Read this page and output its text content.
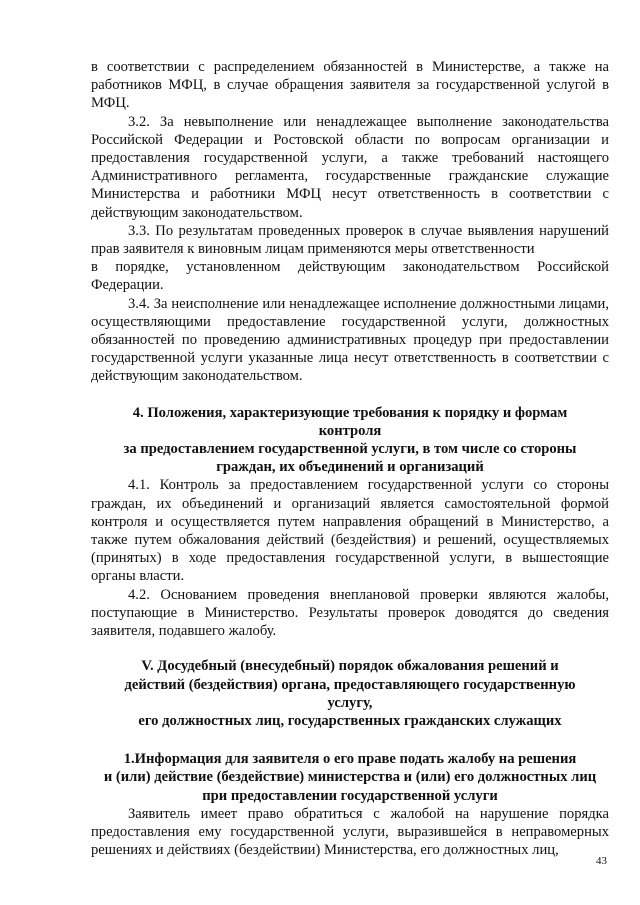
в соответствии с распределением обязанностей в Министерстве, а также на работников МФЦ, в случае обращения заявителя за государственной услугой в МФЦ.

3.2. За невыполнение или ненадлежащее выполнение законодательства Российской Федерации и Ростовской области по вопросам организации и предоставления государственной услуги, а также требований настоящего Административного регламента, государственные гражданские служащие Министерства и работники МФЦ несут ответственность в соответствии с действующим законодательством.

3.3. По результатам проведенных проверок в случае выявления нарушений прав заявителя к виновным лицам применяются меры ответственности

в порядке, установленном действующим законодательством Российской Федерации.

3.4. За неисполнение или ненадлежащее исполнение должностными лицами, осуществляющими предоставление государственной услуги, должностных обязанностей по проведению административных процедур при предоставлении государственной услуги указанные лица несут ответственность в соответствии с действующим законодательством.

4. Положения, характеризующие требования к порядку и формам
контроля
за предоставлением государственной услуги, в том числе со стороны
граждан, их объединений и организаций

4.1. Контроль за предоставлением государственной услуги со стороны граждан, их объединений и организаций является самостоятельной формой контроля и осуществляется путем направления обращений в Министерство, а также путем обжалования действий (бездействия) и решений, осуществляемых (принятых) в ходе предоставления государственной услуги, в вышестоящие органы власти.

4.2. Основанием проведения внеплановой проверки являются жалобы, поступающие в Министерство. Результаты проверок доводятся до сведения заявителя, подавшего жалобу.

V. Досудебный (внесудебный) порядок обжалования решений и
действий (бездействия) органа, предоставляющего государственную
услугу,
его должностных лиц, государственных гражданских служащих
1.Информация для заявителя о его праве подать жалобу на решения
и (или) действие (бездействие) министерства и (или) его должностных лиц
при предоставлении государственной услуги

Заявитель имеет право обратиться с жалобой на нарушение порядка предоставления ему государственной услуги, выразившейся в неправомерных решениях и действиях (бездействии) Министерства, его должностных лиц,

43
